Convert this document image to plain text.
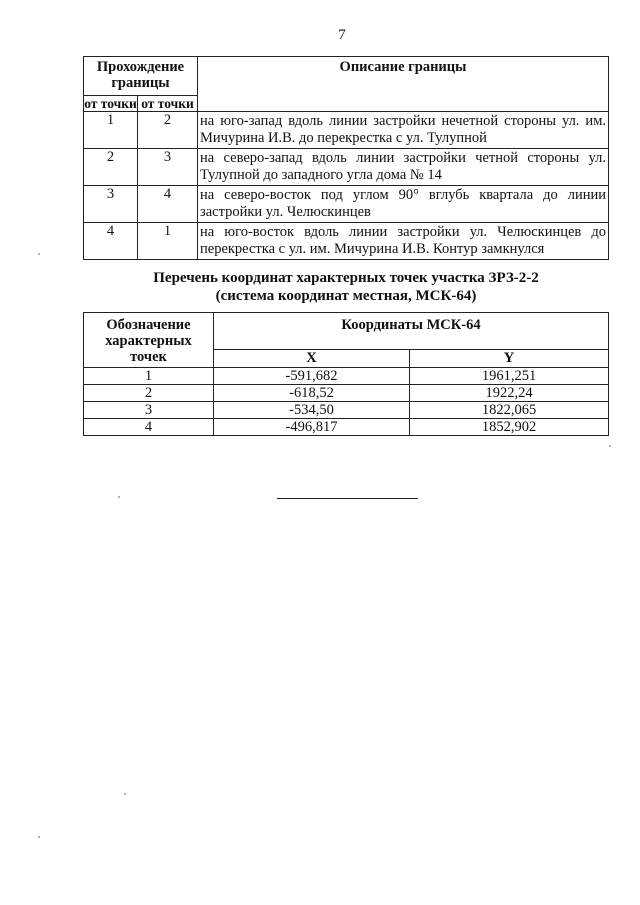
7
Прохождение границы		Описание границы
от точки	от точки	
1	2	на юго-запад вдоль линии застройки нечетной стороны ул. им. Мичурина И.В. до перекрестка с ул. Тулупной
2	3	на северо-запад вдоль линии застройки четной стороны ул. Тулупной до западного угла дома № 14
3	4	на северо-восток под углом 90° вглубь квартала до линии застройки ул. Челюскинцев
4	1	на юго-восток вдоль линии застройки ул. Челюскинцев до перекрестка с ул. им. Мичурина И.В. Контур замкнулся
Перечень координат характерных точек участка ЗРЗ-2-2
(система координат местная, МСК-64)
Обозначение характерных точек	Координаты МСК-64	
	X	Y
1	-591,682	1961,251
2	-618,52	1922,24
3	-534,50	1822,065
4	-496,817	1852,902
